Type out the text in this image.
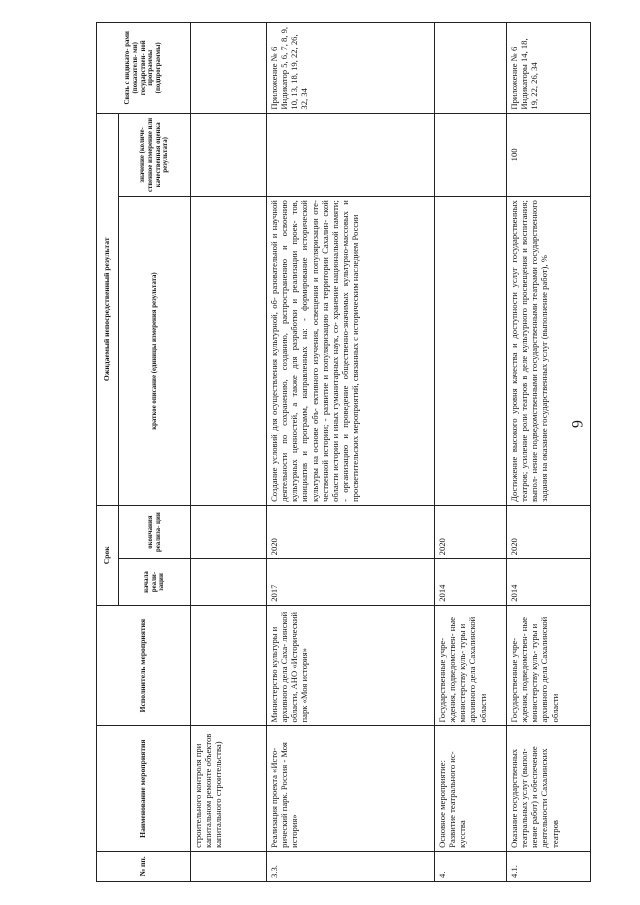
6
№ пп.	Наименование мероприятия	Исполнитель мероприятия	Срок		Ожидаемый непосредственный результат		Связь с индикато- рами (показателя- ми) государствен- ной программы (подпрограммы)
			начала реали- зации	окончания реализа- ции	краткое описание (единицы измерения результата)	значение (количе- ственное измерение или качественная оценка результата)	
	строительного контроля при капитальном ремонте объектов капитального строительства)						
3.3.	Реализация проекта «Исто- рический парк. Россия - Моя история»	Министерство культуры и архивного дела Саха- линской области, АНО «Исторический парк «Моя история»	2017	2020	Создание условий для осуществления культурной, об- разовательной и научной деятельности по сохранению, созданию, распространению и освоению культурных ценностей, а также для разработки и реализации проек- тов, инициатив и программ, направленных на: - формирование исторической культуры на основе объ- ективного изучения, освещения и популяризации оте- чественной истории; - развитие и популяризацию на территории Сахалин- ской области истории и иных гуманитарных наук, со- хранение национальной памяти; - организацию и проведение общественно-значимых культурно-массовых и просветительских мероприятий, связанных с историческим наследием России		Приложение № 6 Индикатор 5, 6, 7, 8, 9, 10, 13, 18, 19, 22, 26, 32, 34
4.	Основное мероприятие: Развитие театрального ис- кусства	Государственные учре- ждения, подведомствен- ные министерству куль- туры и архивного дела Сахалинской области	2014	2020			
4.1.	Оказание государственных театральных услуг (выпол- нение работ) и обеспечение деятельности Сахалинских театров	Государственные учре- ждения, подведомствен- ные министерству куль- туры и архивного дела Сахалинской области	2014	2020	Достижение высокого уровня качества и доступности услуг государственных театров; усиление роли театров в деле культурного просвещения и воспитания; выпол- нение подведомственными государственными театрами государственного задания на оказание государственных услуг (выполнение работ), %	100	Приложение № 6 Индикаторы 14, 18, 19, 22, 26, 34
